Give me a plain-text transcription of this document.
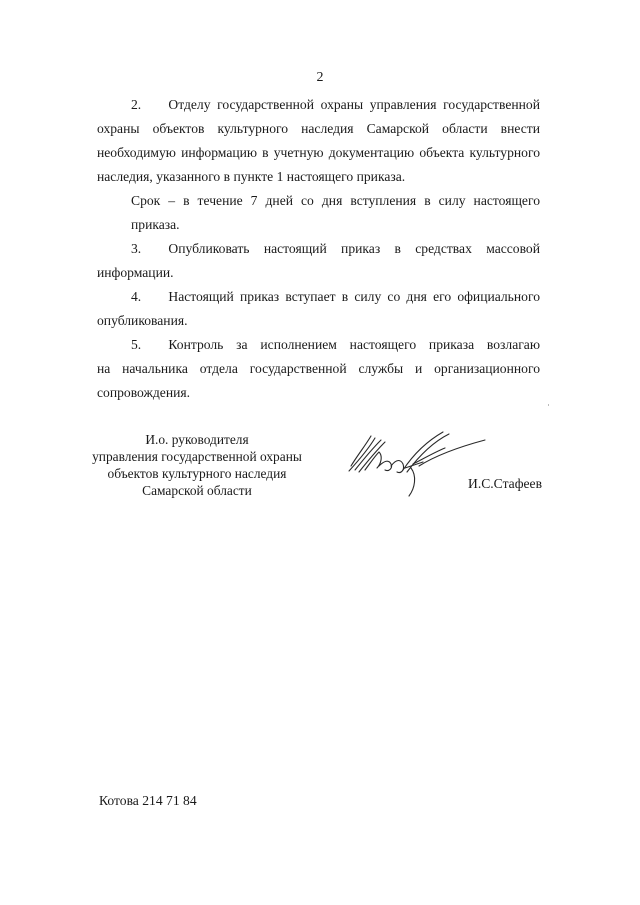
2
2.  Отделу государственной охраны управления государственной
охраны объектов культурного наследия Самарской области внести
необходимую информацию в учетную документацию объекта культурного
наследия, указанного в пункте 1 настоящего приказа.
Срок – в течение 7 дней со дня вступления в силу настоящего
приказа.
3.  Опубликовать настоящий приказ в средствах массовой
информации.
4.  Настоящий приказ вступает в силу со дня его официального
опубликования.
5.  Контроль за исполнением настоящего приказа возлагаю
на начальника отдела государственной службы и организационного
сопровождения.
И.о. руководителя
управления государственной охраны
объектов культурного наследия
Самарской области	И.С.Стафеев
Котова 214 71 84
